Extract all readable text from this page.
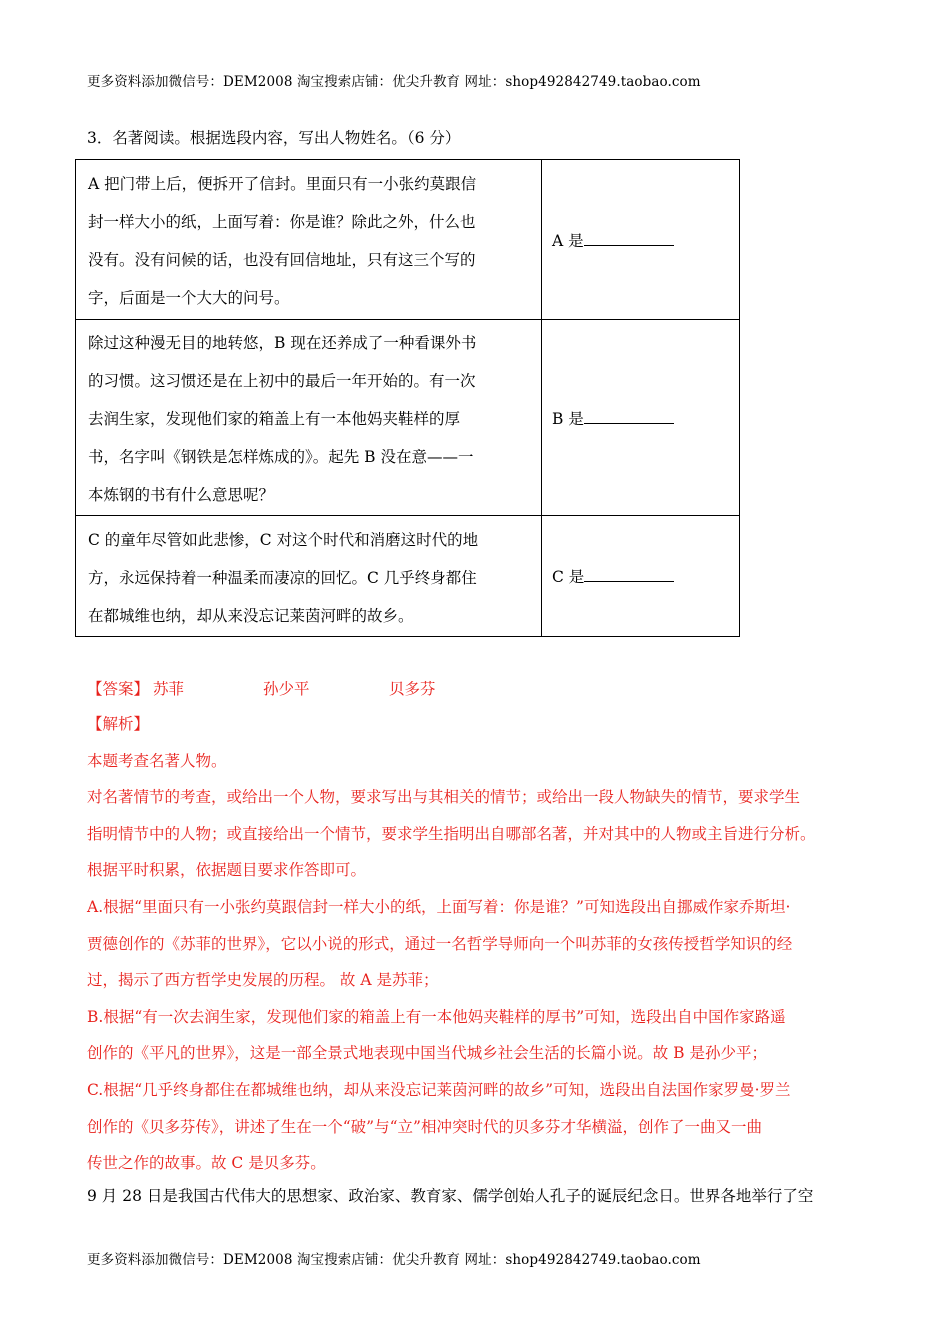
更多资料添加微信号：DEM2008 淘宝搜索店铺：优尖升教育 网址：shop492842749.taobao.com
3．名著阅读。根据选段内容，写出人物姓名。（6 分）
A 把门带上后，便拆开了信封。里面只有一小张约莫跟信
封一样大小的纸，上面写着：你是谁？除此之外，什么也
没有。没有问候的话，也没有回信地址，只有这三个写的
字，后面是一个大大的问号。	A 是

除过这种漫无目的地转悠，B 现在还养成了一种看课外书
的习惯。这习惯还是在上初中的最后一年开始的。有一次
去润生家，发现他们家的箱盖上有一本他妈夹鞋样的厚
书，名字叫《钢铁是怎样炼成的》。起先 B 没在意——一
本炼钢的书有什么意思呢？	B 是

C 的童年尽管如此悲惨，C 对这个时代和消磨这时代的地
方，永远保持着一种温柔而凄凉的回忆。C 几乎终身都住
在都城维也纳，却从来没忘记莱茵河畔的故乡。	C 是
【答案】 苏菲	孙少平	贝多芬

【解析】

本题考查名著人物。

对名著情节的考查，或给出一个人物，要求写出与其相关的情节；或给出一段人物缺失的情节，要求学生

指明情节中的人物；或直接给出一个情节，要求学生指明出自哪部名著，并对其中的人物或主旨进行分析。

根据平时积累，依据题目要求作答即可。

A.根据“里面只有一小张约莫跟信封一样大小的纸，上面写着：你是谁？”可知选段出自挪威作家乔斯坦·

贾德创作的《苏菲的世界》，它以小说的形式，通过一名哲学导师向一个叫苏菲的女孩传授哲学知识的经

过，揭示了西方哲学史发展的历程。 故 A 是苏菲；

B.根据“有一次去润生家，发现他们家的箱盖上有一本他妈夹鞋样的厚书”可知，选段出自中国作家路遥

创作的《平凡的世界》，这是一部全景式地表现中国当代城乡社会生活的长篇小说。故 B 是孙少平；

C.根据“几乎终身都住在都城维也纳，却从来没忘记莱茵河畔的故乡”可知，选段出自法国作家罗曼·罗兰

创作的《贝多芬传》，讲述了生在一个“破”与“立”相冲突时代的贝多芬才华横溢，创作了一曲又一曲

传世之作的故事。故 C 是贝多芬。

9 月 28 日是我国古代伟大的思想家、政治家、教育家、儒学创始人孔子的诞辰纪念日。世界各地举行了空

更多资料添加微信号：DEM2008 淘宝搜索店铺：优尖升教育 网址：shop492842749.taobao.com
